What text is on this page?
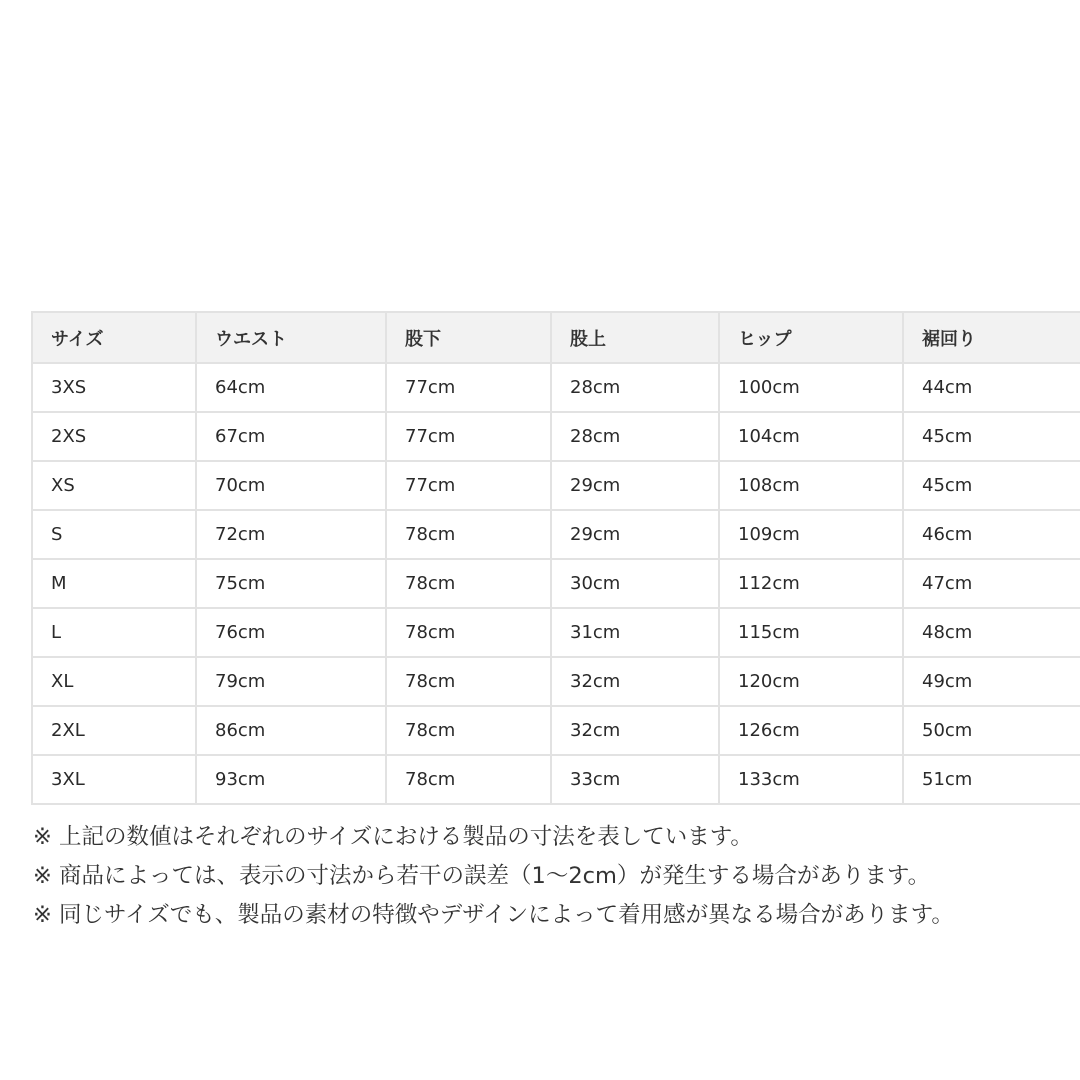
サイズ	ウエスト	股下	股上	ヒップ	裾回り
3XS	64cm	77cm	28cm	100cm	44cm
2XS	67cm	77cm	28cm	104cm	45cm
XS	70cm	77cm	29cm	108cm	45cm
S	72cm	78cm	29cm	109cm	46cm
M	75cm	78cm	30cm	112cm	47cm
L	76cm	78cm	31cm	115cm	48cm
XL	79cm	78cm	32cm	120cm	49cm
2XL	86cm	78cm	32cm	126cm	50cm
3XL	93cm	78cm	33cm	133cm	51cm
※ 上記の数値はそれぞれのサイズにおける製品の寸法を表しています。
※ 商品によっては、表示の寸法から若干の誤差（1～2cm）が発生する場合があります。
※ 同じサイズでも、製品の素材の特徴やデザインによって着用感が異なる場合があります。
